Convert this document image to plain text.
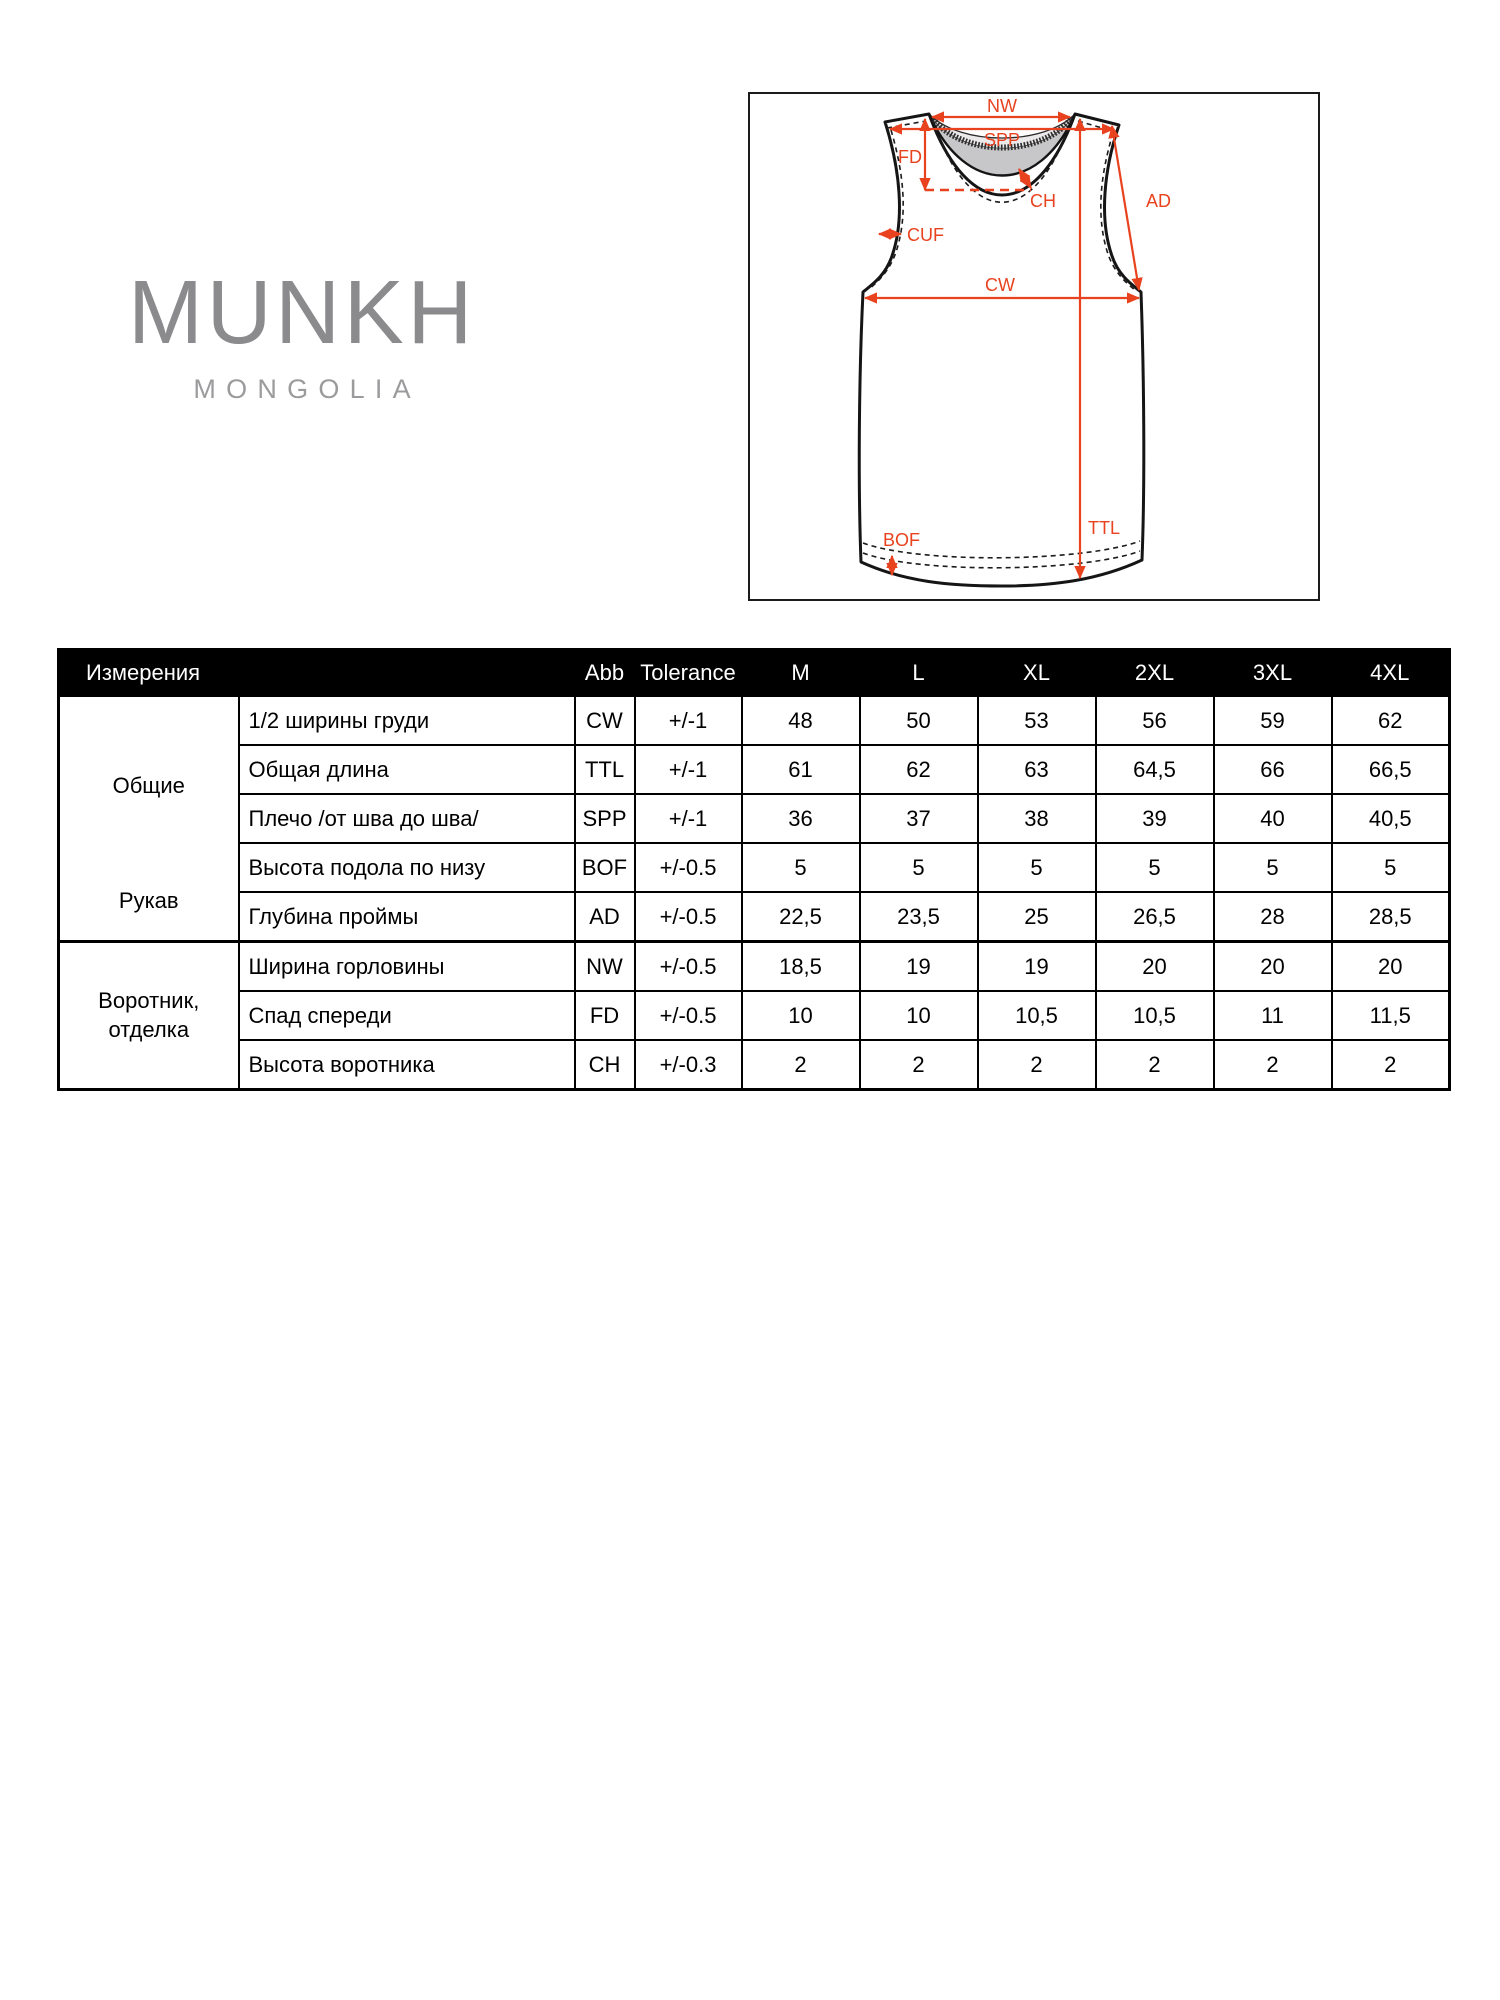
MUNKH
MONGOLIA
NW
SPP
FD
CH
CUF
AD
CW
TTL
BOF
Измерения		Abb	Tolerance	M	L	XL	2XL	3XL	4XL

Общие
Рукав	1/2 ширины груди	CW	+/-1	48	50	53	56	59	62
	Общая длина	TTL	+/-1	61	62	63	64,5	66	66,5
	Плечо /от шва до шва/	SPP	+/-1	36	37	38	39	40	40,5
	Высота подола по низу	BOF	+/-0.5	5	5	5	5	5	5
	Глубина проймы	AD	+/-0.5	22,5	23,5	25	26,5	28	28,5

Воротник,
отделка	Ширина горловины	NW	+/-0.5	18,5	19	19	20	20	20
	Спад спереди	FD	+/-0.5	10	10	10,5	10,5	11	11,5
	Высота воротника	CH	+/-0.3	2	2	2	2	2	2
